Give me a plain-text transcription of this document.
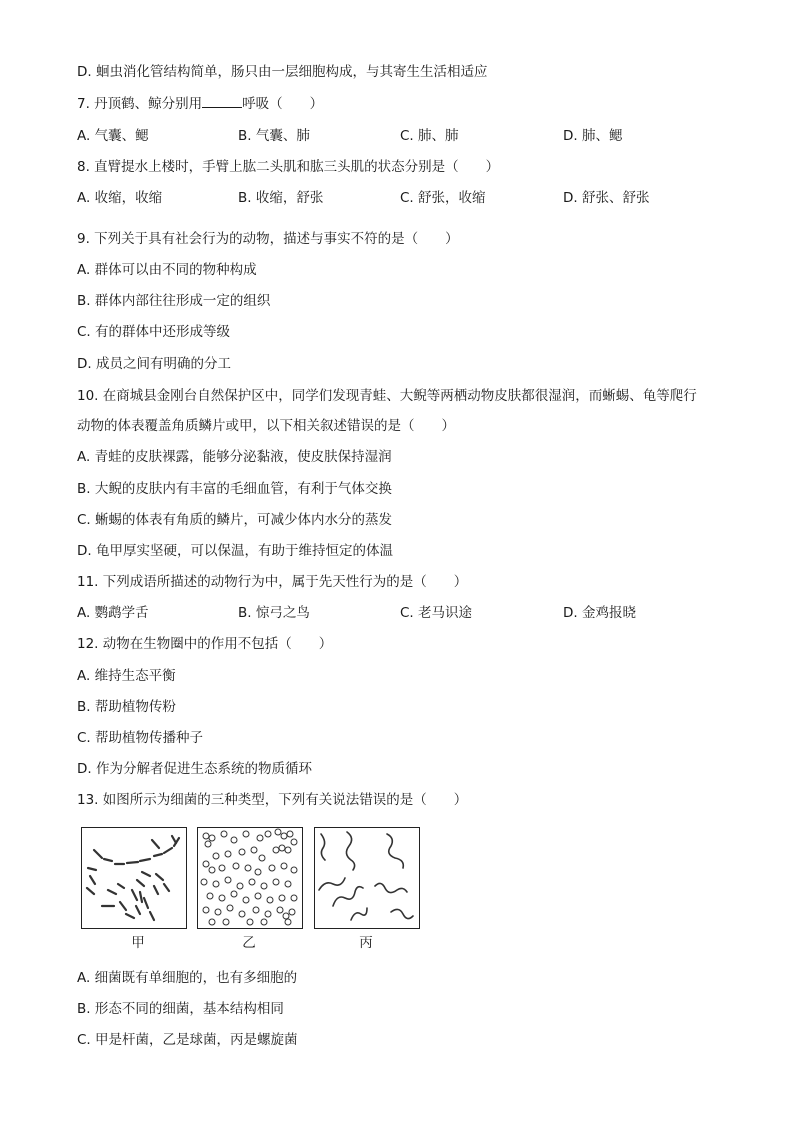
D. 蛔虫消化管结构简单，肠只由一层细胞构成，与其寄生生活相适应
7. 丹顶鹤、鲸分别用	呼吸（　　）
A. 气囊、鳃	B. 气囊、肺	C. 肺、肺	D. 肺、鳃
8. 直臂提水上楼时，手臂上肱二头肌和肱三头肌的状态分别是（　　）
A. 收缩，收缩	B. 收缩，舒张	C. 舒张，收缩	D. 舒张、舒张
9. 下列关于具有社会行为的动物，描述与事实不符的是（　　）
A. 群体可以由不同的物种构成
B. 群体内部往往形成一定的组织
C. 有的群体中还形成等级
D. 成员之间有明确的分工
10. 在商城县金刚台自然保护区中，同学们发现青蛙、大鲵等两栖动物皮肤都很湿润，而蜥蜴、龟等爬行
动物的体表覆盖角质鳞片或甲，以下相关叙述错误的是（　　）
A. 青蛙的皮肤裸露，能够分泌黏液，使皮肤保持湿润
B. 大鲵的皮肤内有丰富的毛细血管，有利于气体交换
C. 蜥蜴的体表有角质的鳞片，可减少体内水分的蒸发
D. 龟甲厚实坚硬，可以保温，有助于维持恒定的体温
11. 下列成语所描述的动物行为中，属于先天性行为的是（　　）
A. 鹦鹉学舌	B. 惊弓之鸟	C. 老马识途	D. 金鸡报晓
12. 动物在生物圈中的作用不包括（　　）
A. 维持生态平衡
B. 帮助植物传粉
C. 帮助植物传播种子
D. 作为分解者促进生态系统的物质循环
13. 如图所示为细菌的三种类型，下列有关说法错误的是（　　）
甲	乙	丙
A. 细菌既有单细胞的，也有多细胞的
B. 形态不同的细菌，基本结构相同
C. 甲是杆菌，乙是球菌，丙是螺旋菌
